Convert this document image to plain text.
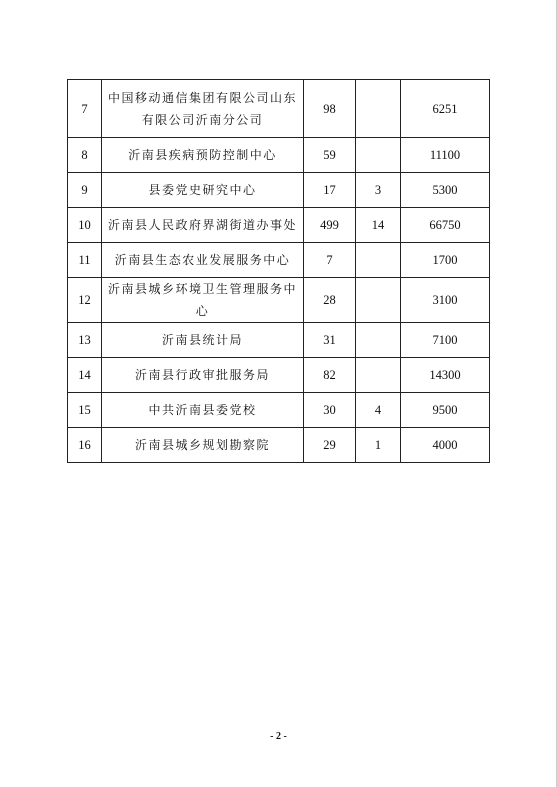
7	中国移动通信集团有限公司山东有限公司沂南分公司	98		6251
8	沂南县疾病预防控制中心	59		11100
9	县委党史研究中心	17	3	5300
10	沂南县人民政府界湖街道办事处	499	14	66750
11	沂南县生态农业发展服务中心	7		1700
12	沂南县城乡环境卫生管理服务中心	28		3100
13	沂南县统计局	31		7100
14	沂南县行政审批服务局	82		14300
15	中共沂南县委党校	30	4	9500
16	沂南县城乡规划勘察院	29	1	4000
- 2 -
